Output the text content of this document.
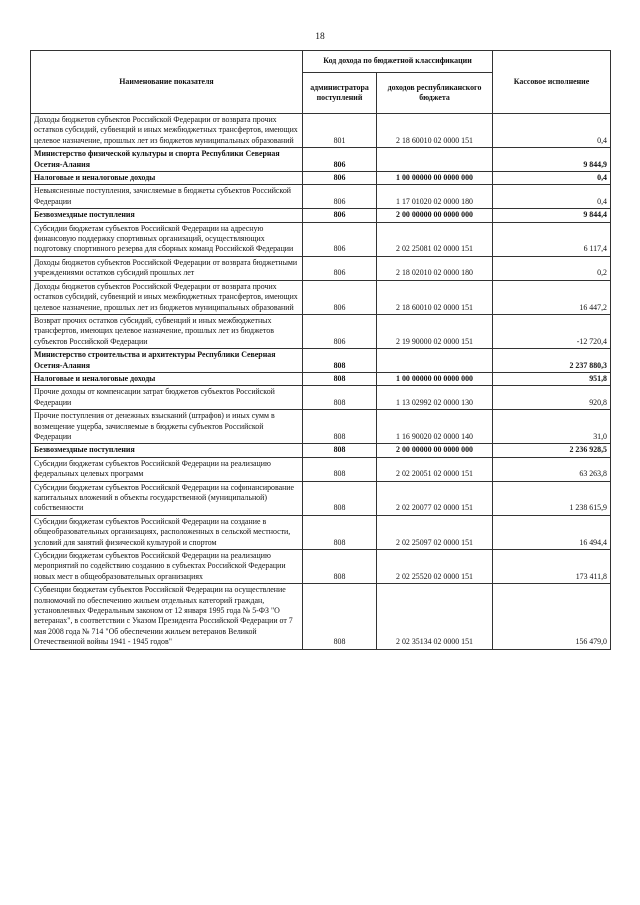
18
Наименование показателя	Код дохода по бюджетной классификации		Кассовое исполнение
	администратора поступлений	доходов республиканского бюджета	
Доходы бюджетов субъектов Российской Федерации от возврата прочих остатков субсидий, субвенций и иных межбюджетных трансфертов, имеющих целевое назначение, прошлых лет из бюджетов муниципальных образований	801	2 18 60010 02 0000 151	0,4
Министерство физической культуры и спорта Республики Северная Осетия-Алания	806		9 844,9
Налоговые и неналоговые доходы	806	1 00 00000 00 0000 000	0,4
Невыясненные поступления, зачисляемые в бюджеты субъектов Российской Федерации	806	1 17 01020 02 0000 180	0,4
Безвозмездные поступления	806	2 00 00000 00 0000 000	9 844,4
Субсидии бюджетам субъектов Российской Федерации на адресную финансовую поддержку спортивных организаций, осуществляющих подготовку спортивного резерва для сборных команд Российской Федерации	806	2 02 25081 02 0000 151	6 117,4
Доходы бюджетов субъектов Российской Федерации от возврата бюджетными учреждениями остатков субсидий прошлых лет	806	2 18 02010 02 0000 180	0,2
Доходы бюджетов субъектов Российской Федерации от возврата прочих остатков субсидий, субвенций и иных межбюджетных трансфертов, имеющих целевое назначение, прошлых лет из бюджетов муниципальных образований	806	2 18 60010 02 0000 151	16 447,2
Возврат прочих остатков субсидий, субвенций и иных межбюджетных трансфертов, имеющих целевое назначение, прошлых лет из бюджетов субъектов Российской Федерации	806	2 19 90000 02 0000 151	-12 720,4
Министерство строительства и архитектуры Республики Северная Осетия-Алания	808		2 237 880,3
Налоговые и неналоговые доходы	808	1 00 00000 00 0000 000	951,8
Прочие доходы от компенсации затрат бюджетов субъектов Российской Федерации	808	1 13 02992 02 0000 130	920,8
Прочие поступления от денежных взысканий (штрафов) и иных сумм в возмещение ущерба, зачисляемые в бюджеты субъектов Российской Федерации	808	1 16 90020 02 0000 140	31,0
Безвозмездные поступления	808	2 00 00000 00 0000 000	2 236 928,5
Субсидии бюджетам субъектов Российской Федерации на реализацию федеральных целевых программ	808	2 02 20051 02 0000 151	63 263,8
Субсидии бюджетам субъектов Российской Федерации на софинансирование капитальных вложений в объекты государственной (муниципальной) собственности	808	2 02 20077 02 0000 151	1 238 615,9
Субсидии бюджетам субъектов Российской Федерации на создание в общеобразовательных организациях, расположенных в сельской местности, условий для занятий физической культурой и спортом	808	2 02 25097 02 0000 151	16 494,4
Субсидии бюджетам субъектов Российской Федерации на реализацию мероприятий по содействию созданию в субъектах Российской Федерации новых мест в общеобразовательных организациях	808	2 02 25520 02 0000 151	173 411,8
Субвенции бюджетам субъектов Российской Федерации на осуществление полномочий по обеспечению жильем отдельных категорий граждан, установленных Федеральным законом от 12 января 1995 года № 5-ФЗ "О ветеранах", в соответствии с Указом Президента Российской Федерации от 7 мая 2008 года № 714 "Об обеспечении жильем ветеранов Великой Отечественной войны 1941 - 1945 годов"	808	2 02 35134 02 0000 151	156 479,0
